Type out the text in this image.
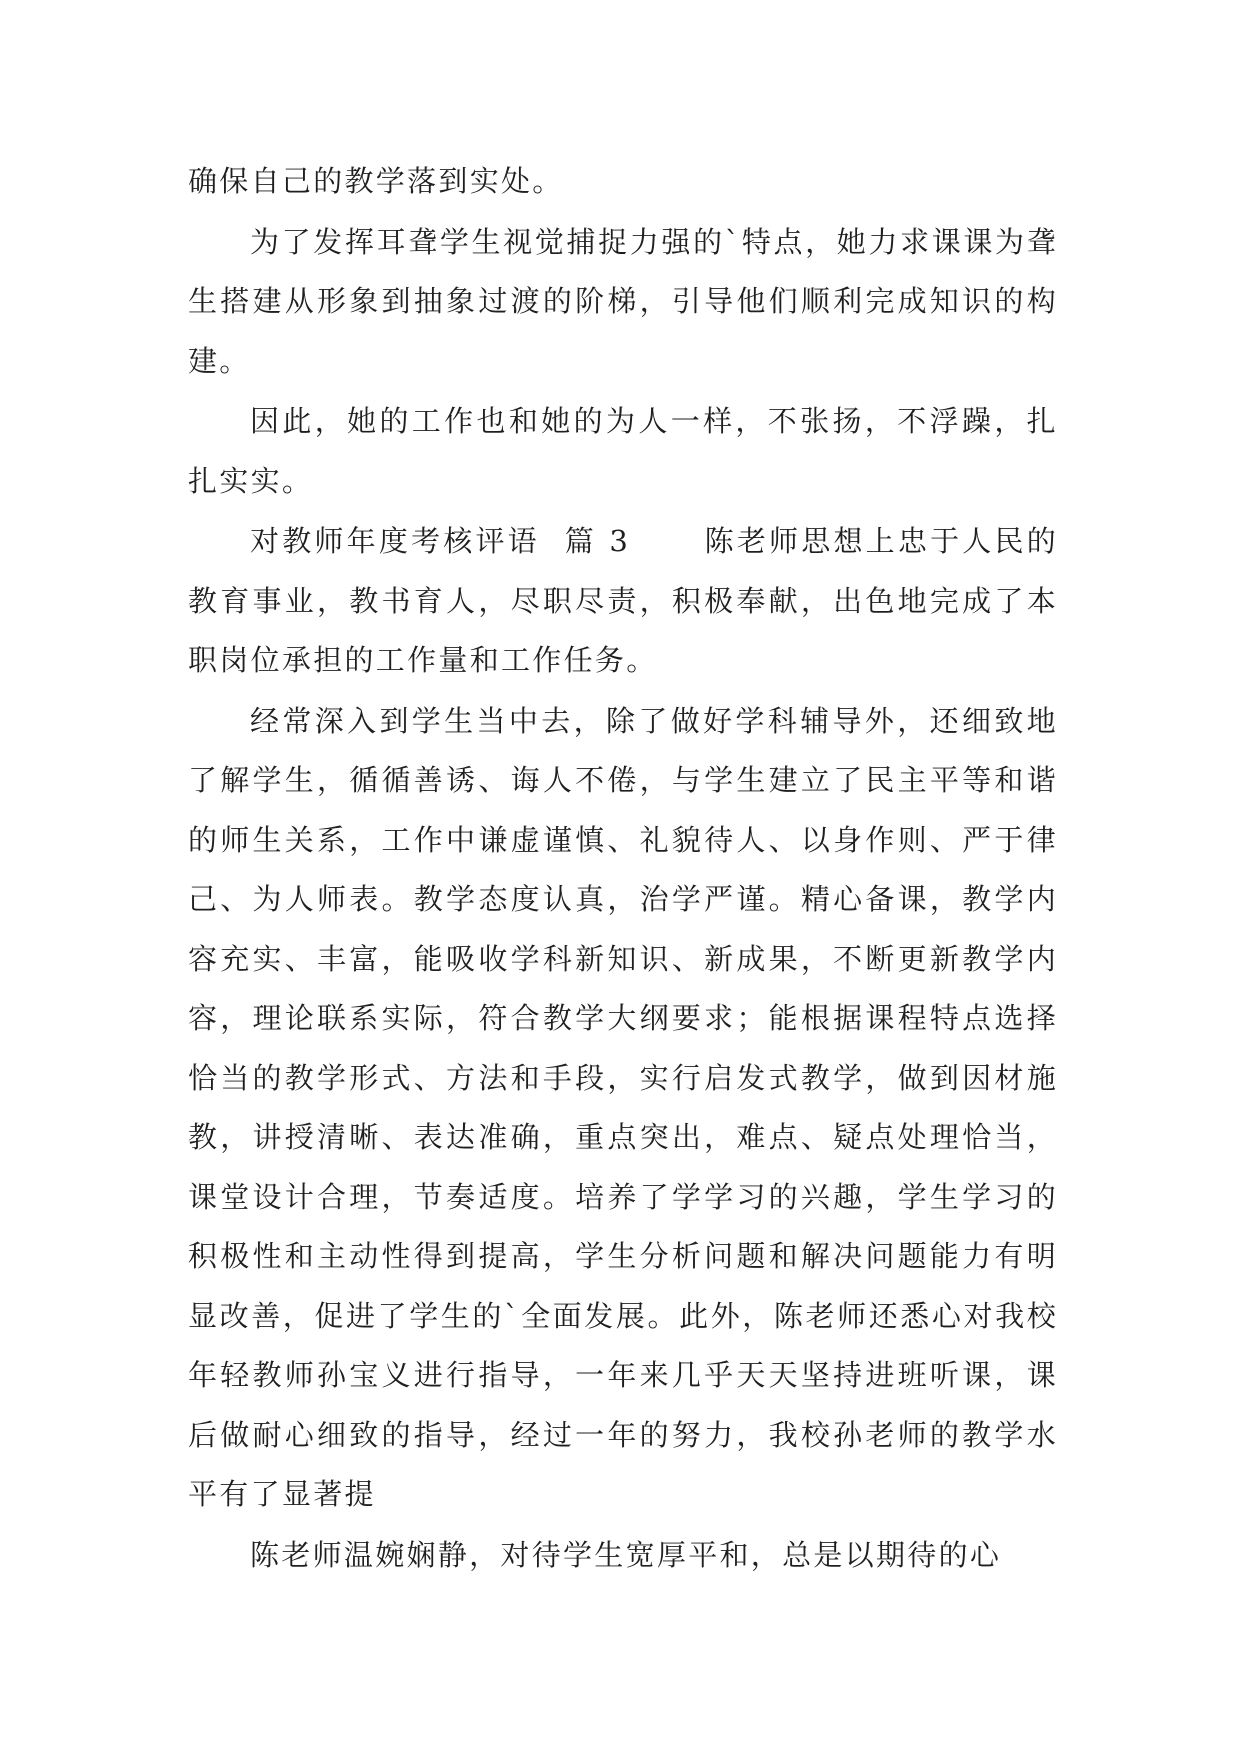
确保自己的教学落到实处。

为了发挥耳聋学生视觉捕捉力强的`特点，她力求课课为聋生搭建从形象到抽象过渡的阶梯，引导他们顺利完成知识的构建。

因此，她的工作也和她的为人一样，不张扬，不浮躁，扎扎实实。

对教师年度考核评语  篇 3      陈老师思想上忠于人民的教育事业，教书育人，尽职尽责，积极奉献，出色地完成了本职岗位承担的工作量和工作任务。

经常深入到学生当中去，除了做好学科辅导外，还细致地了解学生，循循善诱、诲人不倦，与学生建立了民主平等和谐的师生关系，工作中谦虚谨慎、礼貌待人、以身作则、严于律己、为人师表。教学态度认真，治学严谨。精心备课，教学内容充实、丰富，能吸收学科新知识、新成果，不断更新教学内容，理论联系实际，符合教学大纲要求；能根据课程特点选择恰当的教学形式、方法和手段，实行启发式教学，做到因材施教，讲授清晰、表达准确，重点突出，难点、疑点处理恰当，课堂设计合理，节奏适度。培养了学学习的兴趣，学生学习的积极性和主动性得到提高，学生分析问题和解决问题能力有明显改善，促进了学生的`全面发展。此外，陈老师还悉心对我校年轻教师孙宝义进行指导，一年来几乎天天坚持进班听课，课后做耐心细致的指导，经过一年的努力，我校孙老师的教学水平有了显著提

陈老师温婉娴静，对待学生宽厚平和，总是以期待的心
